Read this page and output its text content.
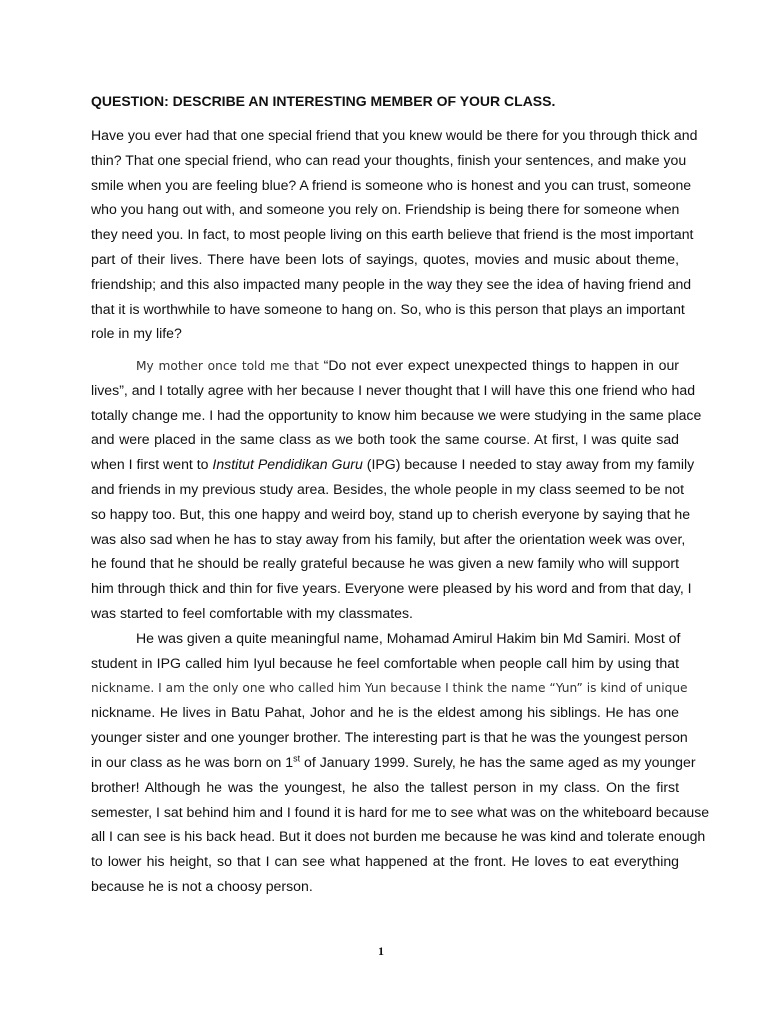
QUESTION: DESCRIBE AN INTERESTING MEMBER OF YOUR CLASS.
Have you ever had that one special friend that you knew would be there for you through thick and
thin? That one special friend, who can read your thoughts, finish your sentences, and make you
smile when you are feeling blue? A friend is someone who is honest and you can trust, someone
who you hang out with, and someone you rely on. Friendship is being there for someone when
they need you. In fact, to most people living on this earth believe that friend is the most important
part of their lives. There have been lots of sayings, quotes, movies and music about theme,
friendship; and this also impacted many people in the way they see the idea of having friend and
that it is worthwhile to have someone to hang on. So, who is this person that plays an important
role in my life?
My mother once told me that “Do not ever expect unexpected things to happen in our
lives”, and I totally agree with her because I never thought that I will have this one friend who had
totally change me. I had the opportunity to know him because we were studying in the same place
and were placed in the same class as we both took the same course. At first, I was quite sad
when I first went to Institut Pendidikan Guru (IPG) because I needed to stay away from my family
and friends in my previous study area. Besides, the whole people in my class seemed to be not
so happy too. But, this one happy and weird boy, stand up to cherish everyone by saying that he
was also sad when he has to stay away from his family, but after the orientation week was over,
he found that he should be really grateful because he was given a new family who will support
him through thick and thin for five years. Everyone were pleased by his word and from that day, I
was started to feel comfortable with my classmates.
He was given a quite meaningful name, Mohamad Amirul Hakim bin Md Samiri. Most of
student in IPG called him Iyul because he feel comfortable when people call him by using that
nickname. I am the only one who called him Yun because I think the name “Yun” is kind of unique
nickname. He lives in Batu Pahat, Johor and he is the eldest among his siblings. He has one
younger sister and one younger brother. The interesting part is that he was the youngest person
in our class as he was born on 1st of January 1999. Surely, he has the same aged as my younger
brother! Although he was the youngest, he also the tallest person in my class. On the first
semester, I sat behind him and I found it is hard for me to see what was on the whiteboard because
all I can see is his back head. But it does not burden me because he was kind and tolerate enough
to lower his height, so that I can see what happened at the front. He loves to eat everything
because he is not a choosy person.
1
